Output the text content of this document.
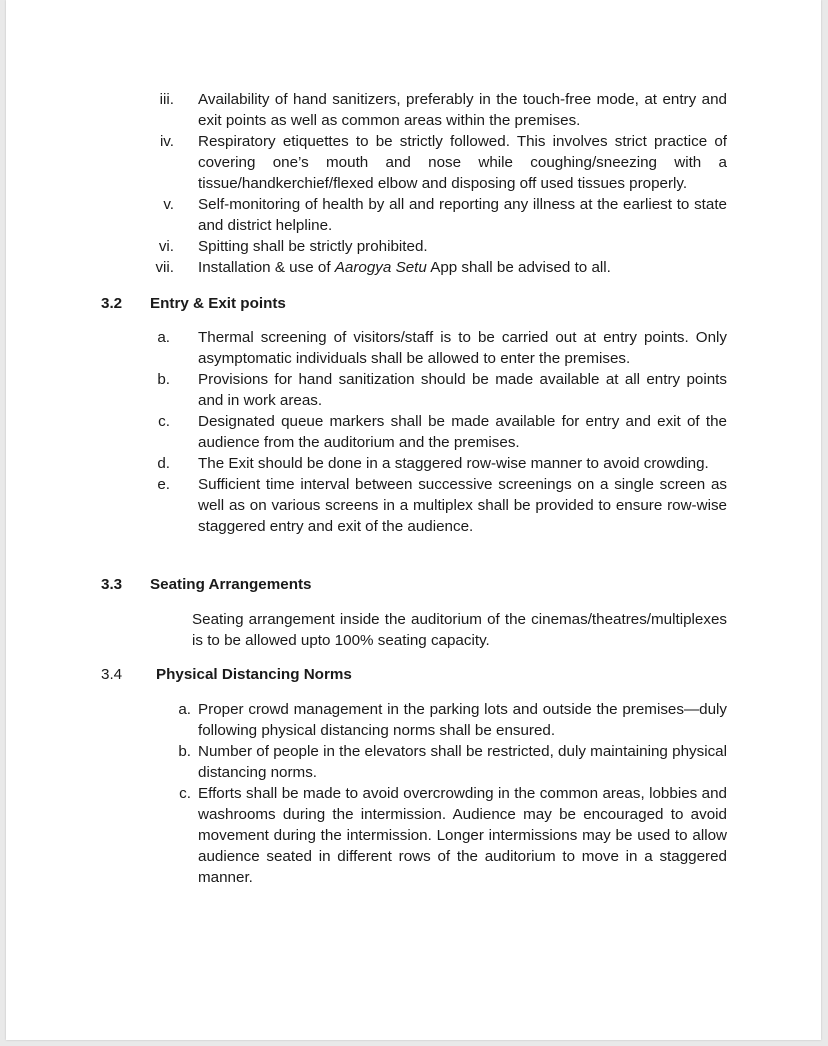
iii. Availability of hand sanitizers, preferably in the touch-free mode, at entry and exit points as well as common areas within the premises.
iv. Respiratory etiquettes to be strictly followed. This involves strict practice of covering one’s mouth and nose while coughing/sneezing with a tissue/handkerchief/flexed elbow and disposing off used tissues properly.
v. Self-monitoring of health by all and reporting any illness at the earliest to state and district helpline.
vi. Spitting shall be strictly prohibited.
vii. Installation & use of Aarogya Setu App shall be advised to all.
3.2 Entry & Exit points
a. Thermal screening of visitors/staff is to be carried out at entry points. Only asymptomatic individuals shall be allowed to enter the premises.
b. Provisions for hand sanitization should be made available at all entry points and in work areas.
c. Designated queue markers shall be made available for entry and exit of the audience from the auditorium and the premises.
d. The Exit should be done in a staggered row-wise manner to avoid crowding.
e. Sufficient time interval between successive screenings on a single screen as well as on various screens in a multiplex shall be provided to ensure row-wise staggered entry and exit of the audience.
3.3 Seating Arrangements
Seating arrangement inside the auditorium of the cinemas/theatres/multiplexes is to be allowed upto 100% seating capacity.
3.4 Physical Distancing Norms
a. Proper crowd management in the parking lots and outside the premises—duly following physical distancing norms shall be ensured.
b. Number of people in the elevators shall be restricted, duly maintaining physical distancing norms.
c. Efforts shall be made to avoid overcrowding in the common areas, lobbies and washrooms during the intermission. Audience may be encouraged to avoid movement during the intermission. Longer intermissions may be used to allow audience seated in different rows of the auditorium to move in a staggered manner.
